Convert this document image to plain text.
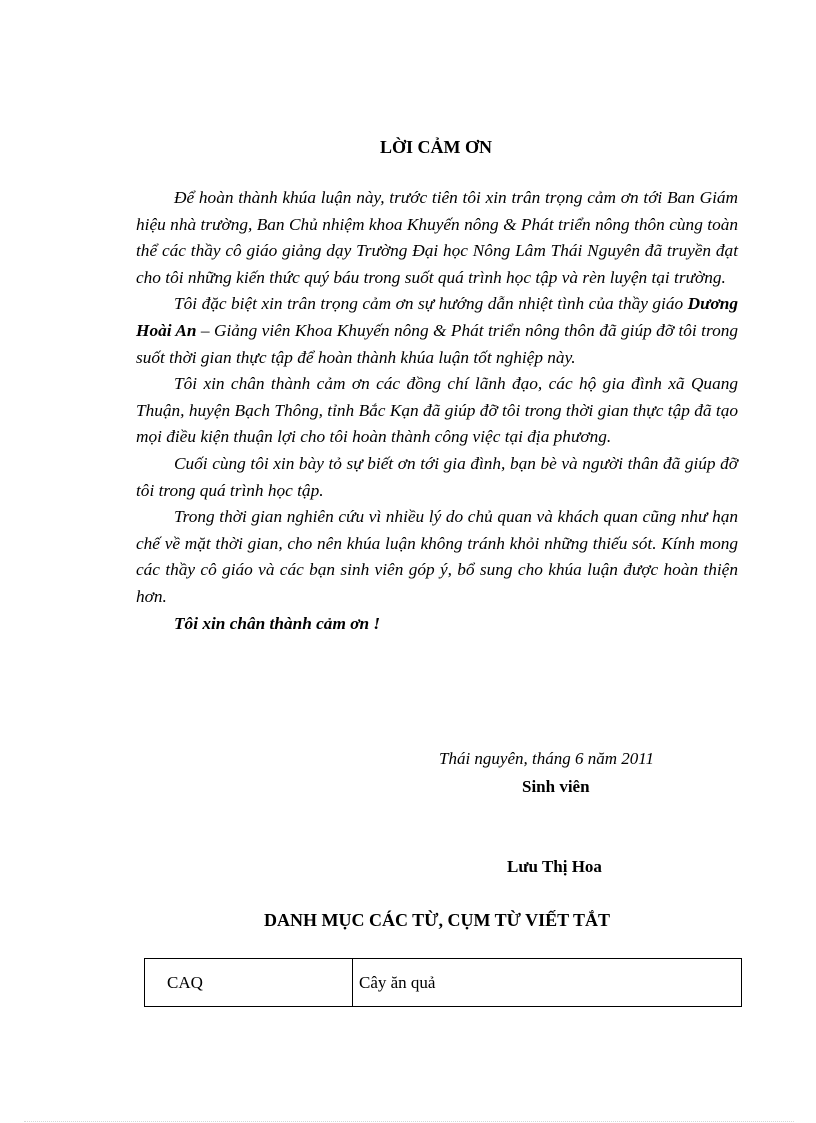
LỜI CẢM ƠN

Để hoàn thành khúa luận này, trước tiên tôi xin trân trọng cảm ơn tới Ban Giám hiệu nhà trường, Ban Chủ nhiệm khoa Khuyến nông & Phát triển nông thôn cùng toàn thể các thầy cô giáo giảng dạy Trường Đại học Nông Lâm Thái Nguyên đã truyền đạt cho tôi những kiến thức quý báu trong suốt quá trình học tập và rèn luyện tại trường.

Tôi đặc biệt xin trân trọng cảm ơn sự hướng dẫn nhiệt tình của thầy giáo Dương Hoài An – Giảng viên Khoa Khuyến nông & Phát triển nông thôn đã giúp đỡ tôi trong suốt thời gian thực tập để hoàn thành khúa luận tốt nghiệp này.

Tôi xin chân thành cảm ơn các đồng chí lãnh đạo, các hộ gia đình xã Quang Thuận, huyện Bạch Thông, tỉnh Bắc Kạn đã giúp đỡ tôi trong thời gian thực tập đã tạo mọi điều kiện thuận lợi cho tôi hoàn thành công việc tại địa phương.

Cuối cùng tôi xin bày tỏ sự biết ơn tới gia đình, bạn bè và người thân đã giúp đỡ tôi trong quá trình học tập.

Trong thời gian nghiên cứu vì nhiều lý do chủ quan và khách quan cũng như hạn chế về mặt thời gian, cho nên khúa luận không tránh khỏi những thiếu sót. Kính mong các thầy cô giáo và các bạn sinh viên góp ý, bổ sung cho khúa luận được hoàn thiện hơn.

Tôi xin chân thành cảm ơn !

Thái nguyên, tháng 6 năm 2011
Sinh viên
Lưu Thị Hoa
DANH MỤC CÁC TỪ, CỤM TỪ VIẾT TẮT
CAQ	Cây ăn quả
